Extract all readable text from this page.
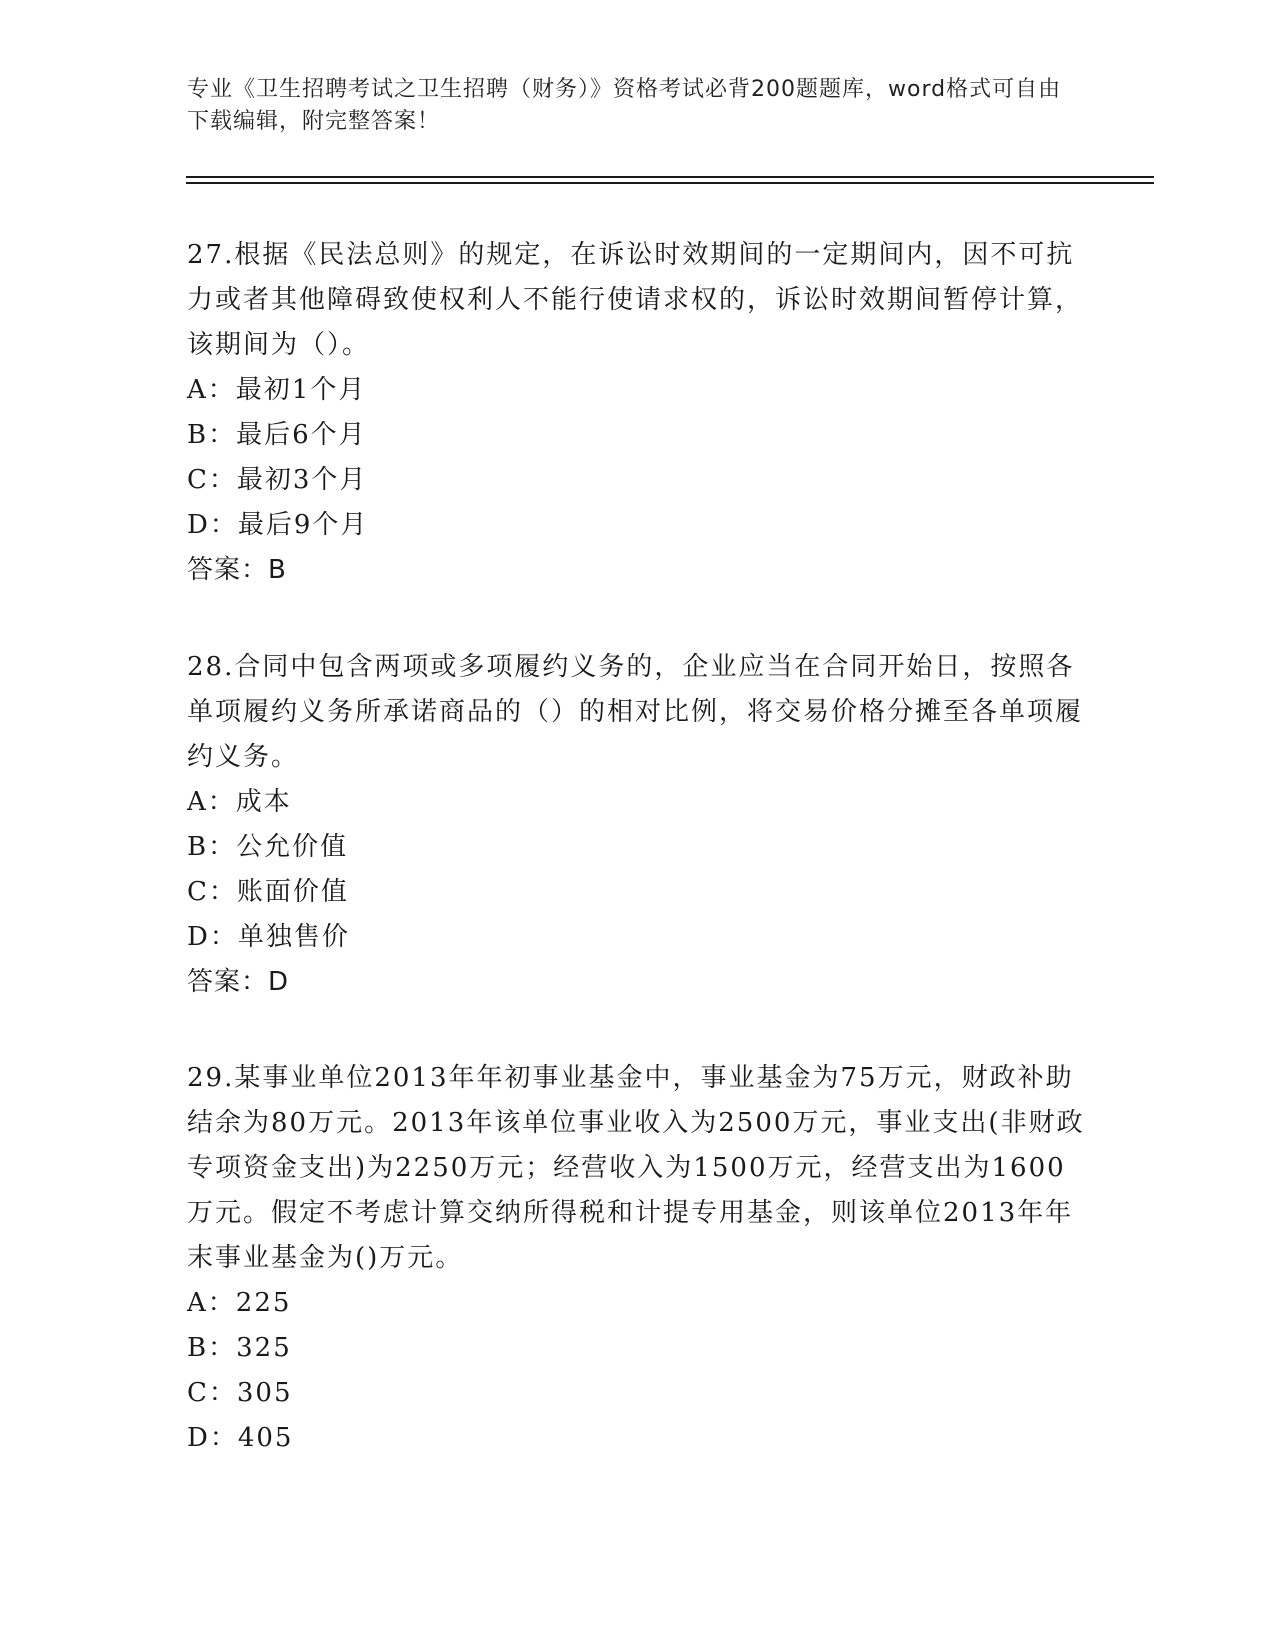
专业《卫生招聘考试之卫生招聘（财务）》资格考试必背200题题库，word格式可自由下载编辑，附完整答案！
27.根据《民法总则》的规定，在诉讼时效期间的一定期间内，因不可抗力或者其他障碍致使权利人不能行使请求权的，诉讼时效期间暂停计算，该期间为（）。
A：最初1个月
B：最后6个月
C：最初3个月
D：最后9个月
答案：B
28.合同中包含两项或多项履约义务的，企业应当在合同开始日，按照各单项履约义务所承诺商品的（）的相对比例，将交易价格分摊至各单项履约义务。
A：成本
B：公允价值
C：账面价值
D：单独售价
答案：D
29.某事业单位2013年年初事业基金中，事业基金为75万元，财政补助结余为80万元。2013年该单位事业收入为2500万元，事业支出(非财政专项资金支出)为2250万元；经营收入为1500万元，经营支出为1600万元。假定不考虑计算交纳所得税和计提专用基金，则该单位2013年年末事业基金为()万元。
A：225
B：325
C：305
D：405
